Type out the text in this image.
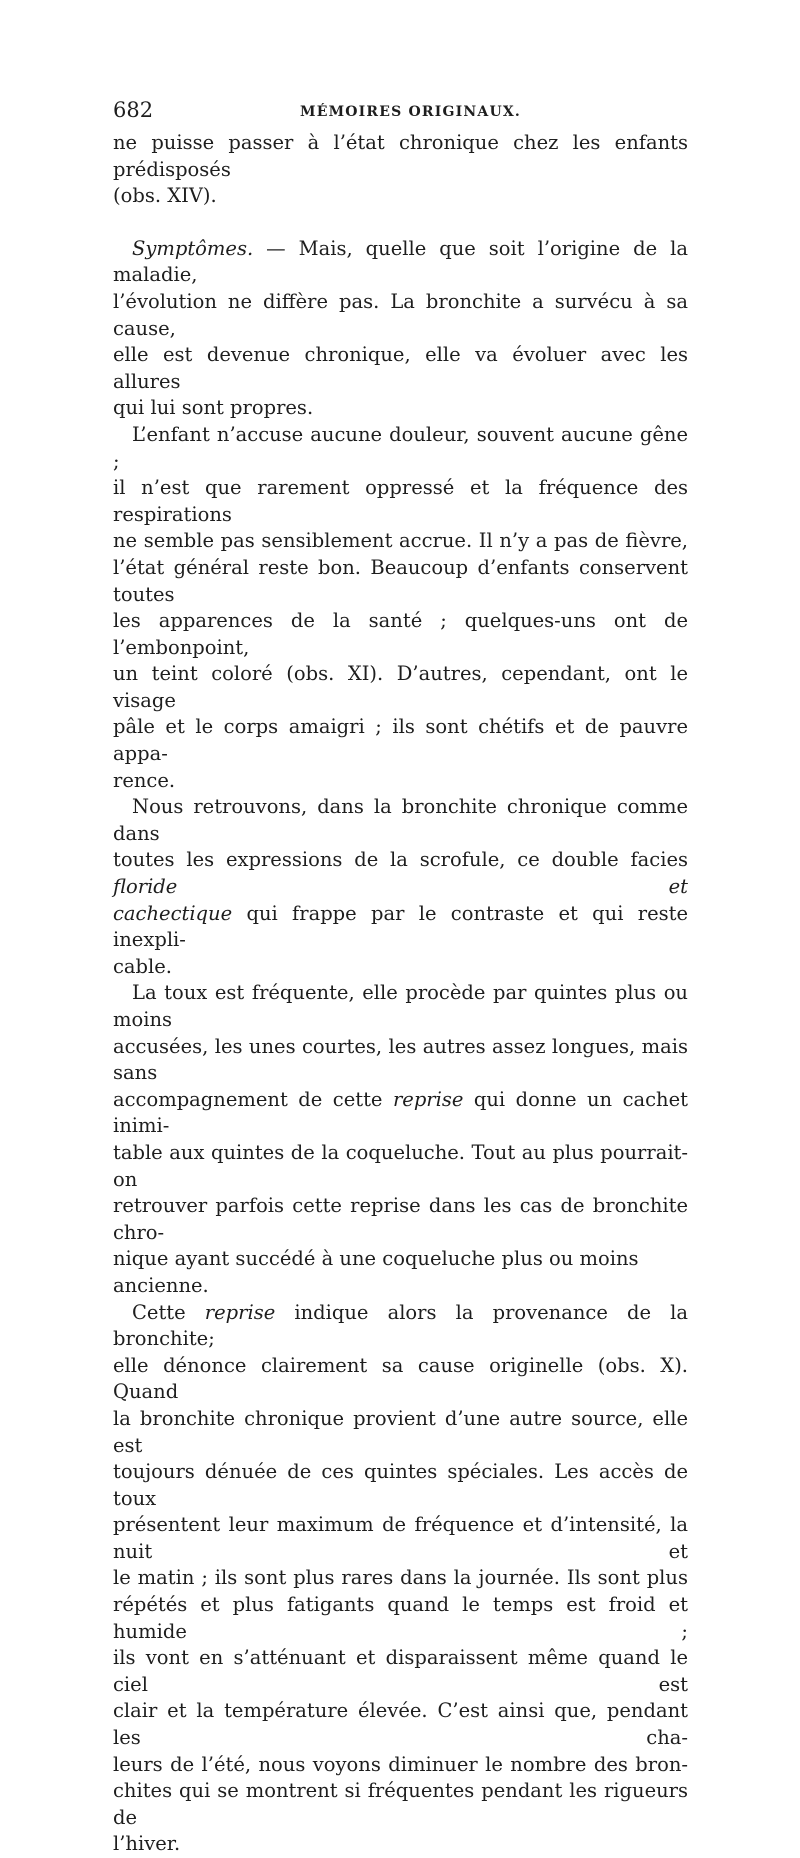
682	MÉMOIRES ORIGINAUX.

ne puisse passer à l’état chronique chez les enfants prédisposés
(obs. XIV).

Symptômes. — Mais, quelle que soit l’origine de la maladie,
l’évolution ne diffère pas. La bronchite a survécu à sa cause,
elle est devenue chronique, elle va évoluer avec les allures
qui lui sont propres.

L’enfant n’accuse aucune douleur, souvent aucune gêne ;
il n’est que rarement oppressé et la fréquence des respirations
ne semble pas sensiblement accrue. Il n’y a pas de fièvre,
l’état général reste bon. Beaucoup d’enfants conservent toutes
les apparences de la santé ; quelques-uns ont de l’embonpoint,
un teint coloré (obs. XI). D’autres, cependant, ont le visage
pâle et le corps amaigri ; ils sont chétifs et de pauvre appa-
rence.

Nous retrouvons, dans la bronchite chronique comme dans
toutes les expressions de la scrofule, ce double facies floride et
cachectique qui frappe par le contraste et qui reste inexpli-
cable.

La toux est fréquente, elle procède par quintes plus ou moins
accusées, les unes courtes, les autres assez longues, mais sans
accompagnement de cette reprise qui donne un cachet inimi-
table aux quintes de la coqueluche. Tout au plus pourrait-on
retrouver parfois cette reprise dans les cas de bronchite chro-
nique ayant succédé à une coqueluche plus ou moins ancienne.

Cette reprise indique alors la provenance de la bronchite;
elle dénonce clairement sa cause originelle (obs. X). Quand
la bronchite chronique provient d’une autre source, elle est
toujours dénuée de ces quintes spéciales. Les accès de toux
présentent leur maximum de fréquence et d’intensité, la nuit et
le matin ; ils sont plus rares dans la journée. Ils sont plus
répétés et plus fatigants quand le temps est froid et humide ;
ils vont en s’atténuant et disparaissent même quand le ciel est
clair et la température élevée. C’est ainsi que, pendant les cha-
leurs de l’été, nous voyons diminuer le nombre des bron-
chites qui se montrent si fréquentes pendant les rigueurs de
l’hiver.
